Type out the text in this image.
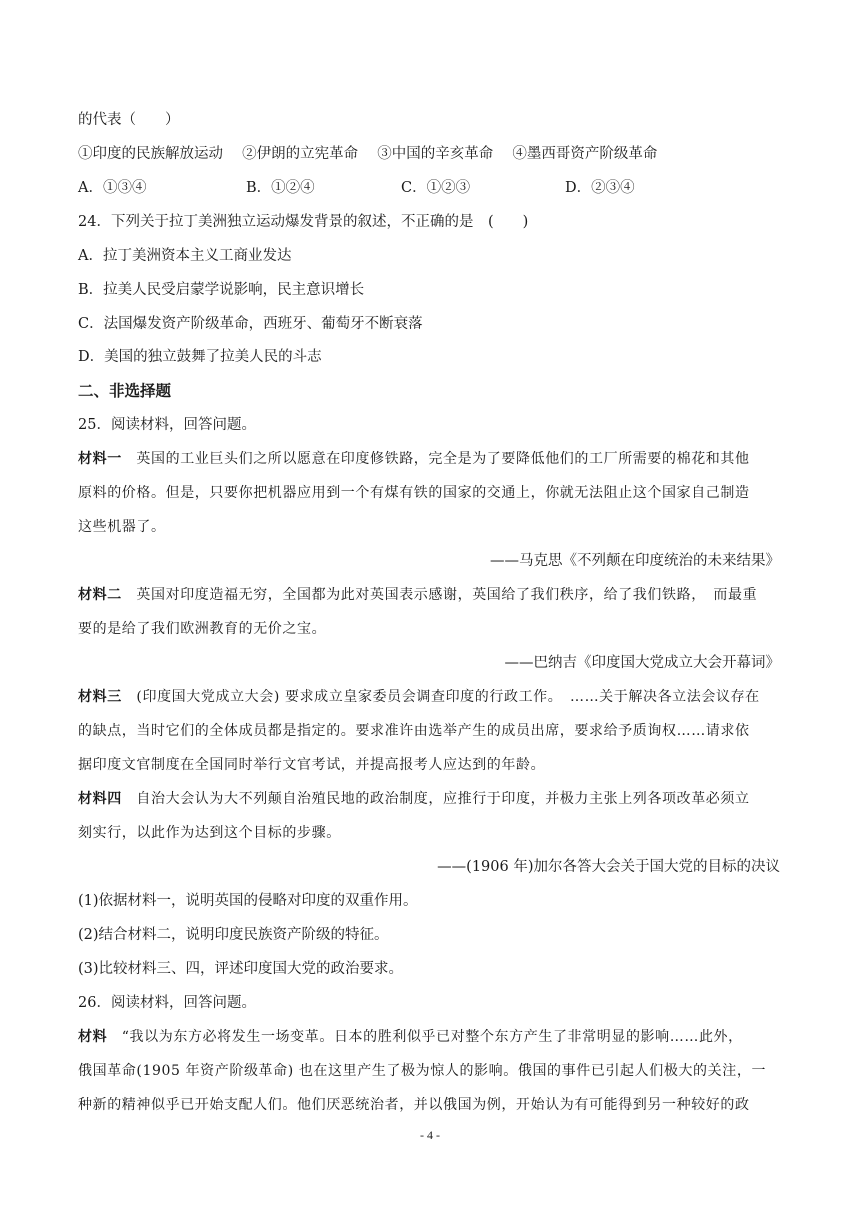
的代表（　　）
①印度的民族解放运动　 ②伊朗的立宪革命　 ③中国的辛亥革命　 ④墨西哥资产阶级革命
A．①③④	B．①②④	C．①②③	D．②③④
24．下列关于拉丁美洲独立运动爆发背景的叙述，不正确的是　(　　)
A．拉丁美洲资本主义工商业发达
B．拉美人民受启蒙学说影响，民主意识增长
C．法国爆发资产阶级革命，西班牙、葡萄牙不断衰落
D．美国的独立鼓舞了拉美人民的斗志
二、非选择题
25．阅读材料，回答问题。
材料一　英国的工业巨头们之所以愿意在印度修铁路，完全是为了要降低他们的工厂所需要的棉花和其他
原料的价格。但是，只要你把机器应用到一个有煤有铁的国家的交通上，你就无法阻止这个国家自己制造
这些机器了。
——马克思《不列颠在印度统治的未来结果》
材料二　英国对印度造福无穷，全国都为此对英国表示感谢，英国给了我们秩序，给了我们铁路，　而最重
要的是给了我们欧洲教育的无价之宝。
——巴纳吉《印度国大党成立大会开幕词》
材料三　(印度国大党成立大会) 要求成立皇家委员会调查印度的行政工作。　……关于解决各立法会议存在
的缺点，当时它们的全体成员都是指定的。要求准许由选举产生的成员出席，要求给予质询权……请求依
据印度文官制度在全国同时举行文官考试，并提高报考人应达到的年龄。
材料四　自治大会认为大不列颠自治殖民地的政治制度，应推行于印度，并极力主张上列各项改革必须立
刻实行，以此作为达到这个目标的步骤。
——(1906 年)加尔各答大会关于国大党的目标的决议
(1)依据材料一，说明英国的侵略对印度的双重作用。
(2)结合材料二，说明印度民族资产阶级的特征。
(3)比较材料三、四，评述印度国大党的政治要求。
26．阅读材料，回答问题。
材料　“我以为东方必将发生一场变革。日本的胜利似乎已对整个东方产生了非常明显的影响……此外，
俄国革命(1905 年资产阶级革命) 也在这里产生了极为惊人的影响。俄国的事件已引起人们极大的关注，一
种新的精神似乎已开始支配人们。他们厌恶统治者，并以俄国为例，开始认为有可能得到另一种较好的政
- 4 -
